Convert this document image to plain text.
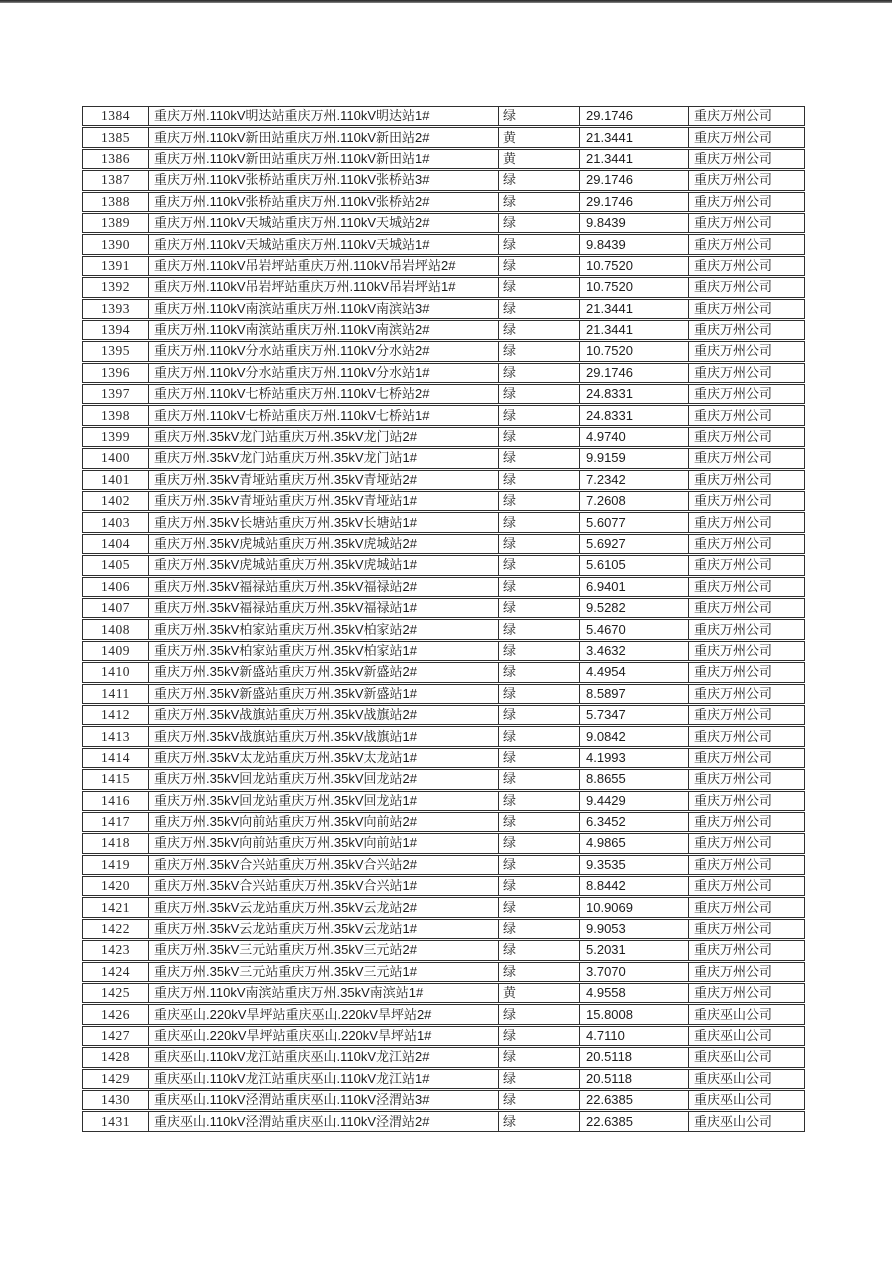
1384	重庆万州.110kV明达站重庆万州.110kV明达站1#	绿	29.1746	重庆万州公司
1385	重庆万州.110kV新田站重庆万州.110kV新田站2#	黄	21.3441	重庆万州公司
1386	重庆万州.110kV新田站重庆万州.110kV新田站1#	黄	21.3441	重庆万州公司
1387	重庆万州.110kV张桥站重庆万州.110kV张桥站3#	绿	29.1746	重庆万州公司
1388	重庆万州.110kV张桥站重庆万州.110kV张桥站2#	绿	29.1746	重庆万州公司
1389	重庆万州.110kV天城站重庆万州.110kV天城站2#	绿	9.8439	重庆万州公司
1390	重庆万州.110kV天城站重庆万州.110kV天城站1#	绿	9.8439	重庆万州公司
1391	重庆万州.110kV吊岩坪站重庆万州.110kV吊岩坪站2#	绿	10.7520	重庆万州公司
1392	重庆万州.110kV吊岩坪站重庆万州.110kV吊岩坪站1#	绿	10.7520	重庆万州公司
1393	重庆万州.110kV南滨站重庆万州.110kV南滨站3#	绿	21.3441	重庆万州公司
1394	重庆万州.110kV南滨站重庆万州.110kV南滨站2#	绿	21.3441	重庆万州公司
1395	重庆万州.110kV分水站重庆万州.110kV分水站2#	绿	10.7520	重庆万州公司
1396	重庆万州.110kV分水站重庆万州.110kV分水站1#	绿	29.1746	重庆万州公司
1397	重庆万州.110kV七桥站重庆万州.110kV七桥站2#	绿	24.8331	重庆万州公司
1398	重庆万州.110kV七桥站重庆万州.110kV七桥站1#	绿	24.8331	重庆万州公司
1399	重庆万州.35kV龙门站重庆万州.35kV龙门站2#	绿	4.9740	重庆万州公司
1400	重庆万州.35kV龙门站重庆万州.35kV龙门站1#	绿	9.9159	重庆万州公司
1401	重庆万州.35kV青垭站重庆万州.35kV青垭站2#	绿	7.2342	重庆万州公司
1402	重庆万州.35kV青垭站重庆万州.35kV青垭站1#	绿	7.2608	重庆万州公司
1403	重庆万州.35kV长塘站重庆万州.35kV长塘站1#	绿	5.6077	重庆万州公司
1404	重庆万州.35kV虎城站重庆万州.35kV虎城站2#	绿	5.6927	重庆万州公司
1405	重庆万州.35kV虎城站重庆万州.35kV虎城站1#	绿	5.6105	重庆万州公司
1406	重庆万州.35kV福禄站重庆万州.35kV福禄站2#	绿	6.9401	重庆万州公司
1407	重庆万州.35kV福禄站重庆万州.35kV福禄站1#	绿	9.5282	重庆万州公司
1408	重庆万州.35kV柏家站重庆万州.35kV柏家站2#	绿	5.4670	重庆万州公司
1409	重庆万州.35kV柏家站重庆万州.35kV柏家站1#	绿	3.4632	重庆万州公司
1410	重庆万州.35kV新盛站重庆万州.35kV新盛站2#	绿	4.4954	重庆万州公司
1411	重庆万州.35kV新盛站重庆万州.35kV新盛站1#	绿	8.5897	重庆万州公司
1412	重庆万州.35kV战旗站重庆万州.35kV战旗站2#	绿	5.7347	重庆万州公司
1413	重庆万州.35kV战旗站重庆万州.35kV战旗站1#	绿	9.0842	重庆万州公司
1414	重庆万州.35kV太龙站重庆万州.35kV太龙站1#	绿	4.1993	重庆万州公司
1415	重庆万州.35kV回龙站重庆万州.35kV回龙站2#	绿	8.8655	重庆万州公司
1416	重庆万州.35kV回龙站重庆万州.35kV回龙站1#	绿	9.4429	重庆万州公司
1417	重庆万州.35kV向前站重庆万州.35kV向前站2#	绿	6.3452	重庆万州公司
1418	重庆万州.35kV向前站重庆万州.35kV向前站1#	绿	4.9865	重庆万州公司
1419	重庆万州.35kV合兴站重庆万州.35kV合兴站2#	绿	9.3535	重庆万州公司
1420	重庆万州.35kV合兴站重庆万州.35kV合兴站1#	绿	8.8442	重庆万州公司
1421	重庆万州.35kV云龙站重庆万州.35kV云龙站2#	绿	10.9069	重庆万州公司
1422	重庆万州.35kV云龙站重庆万州.35kV云龙站1#	绿	9.9053	重庆万州公司
1423	重庆万州.35kV三元站重庆万州.35kV三元站2#	绿	5.2031	重庆万州公司
1424	重庆万州.35kV三元站重庆万州.35kV三元站1#	绿	3.7070	重庆万州公司
1425	重庆万州.110kV南滨站重庆万州.35kV南滨站1#	黄	4.9558	重庆万州公司
1426	重庆巫山.220kV旱坪站重庆巫山.220kV旱坪站2#	绿	15.8008	重庆巫山公司
1427	重庆巫山.220kV旱坪站重庆巫山.220kV旱坪站1#	绿	4.7110	重庆巫山公司
1428	重庆巫山.110kV龙江站重庆巫山.110kV龙江站2#	绿	20.5118	重庆巫山公司
1429	重庆巫山.110kV龙江站重庆巫山.110kV龙江站1#	绿	20.5118	重庆巫山公司
1430	重庆巫山.110kV泾渭站重庆巫山.110kV泾渭站3#	绿	22.6385	重庆巫山公司
1431	重庆巫山.110kV泾渭站重庆巫山.110kV泾渭站2#	绿	22.6385	重庆巫山公司
